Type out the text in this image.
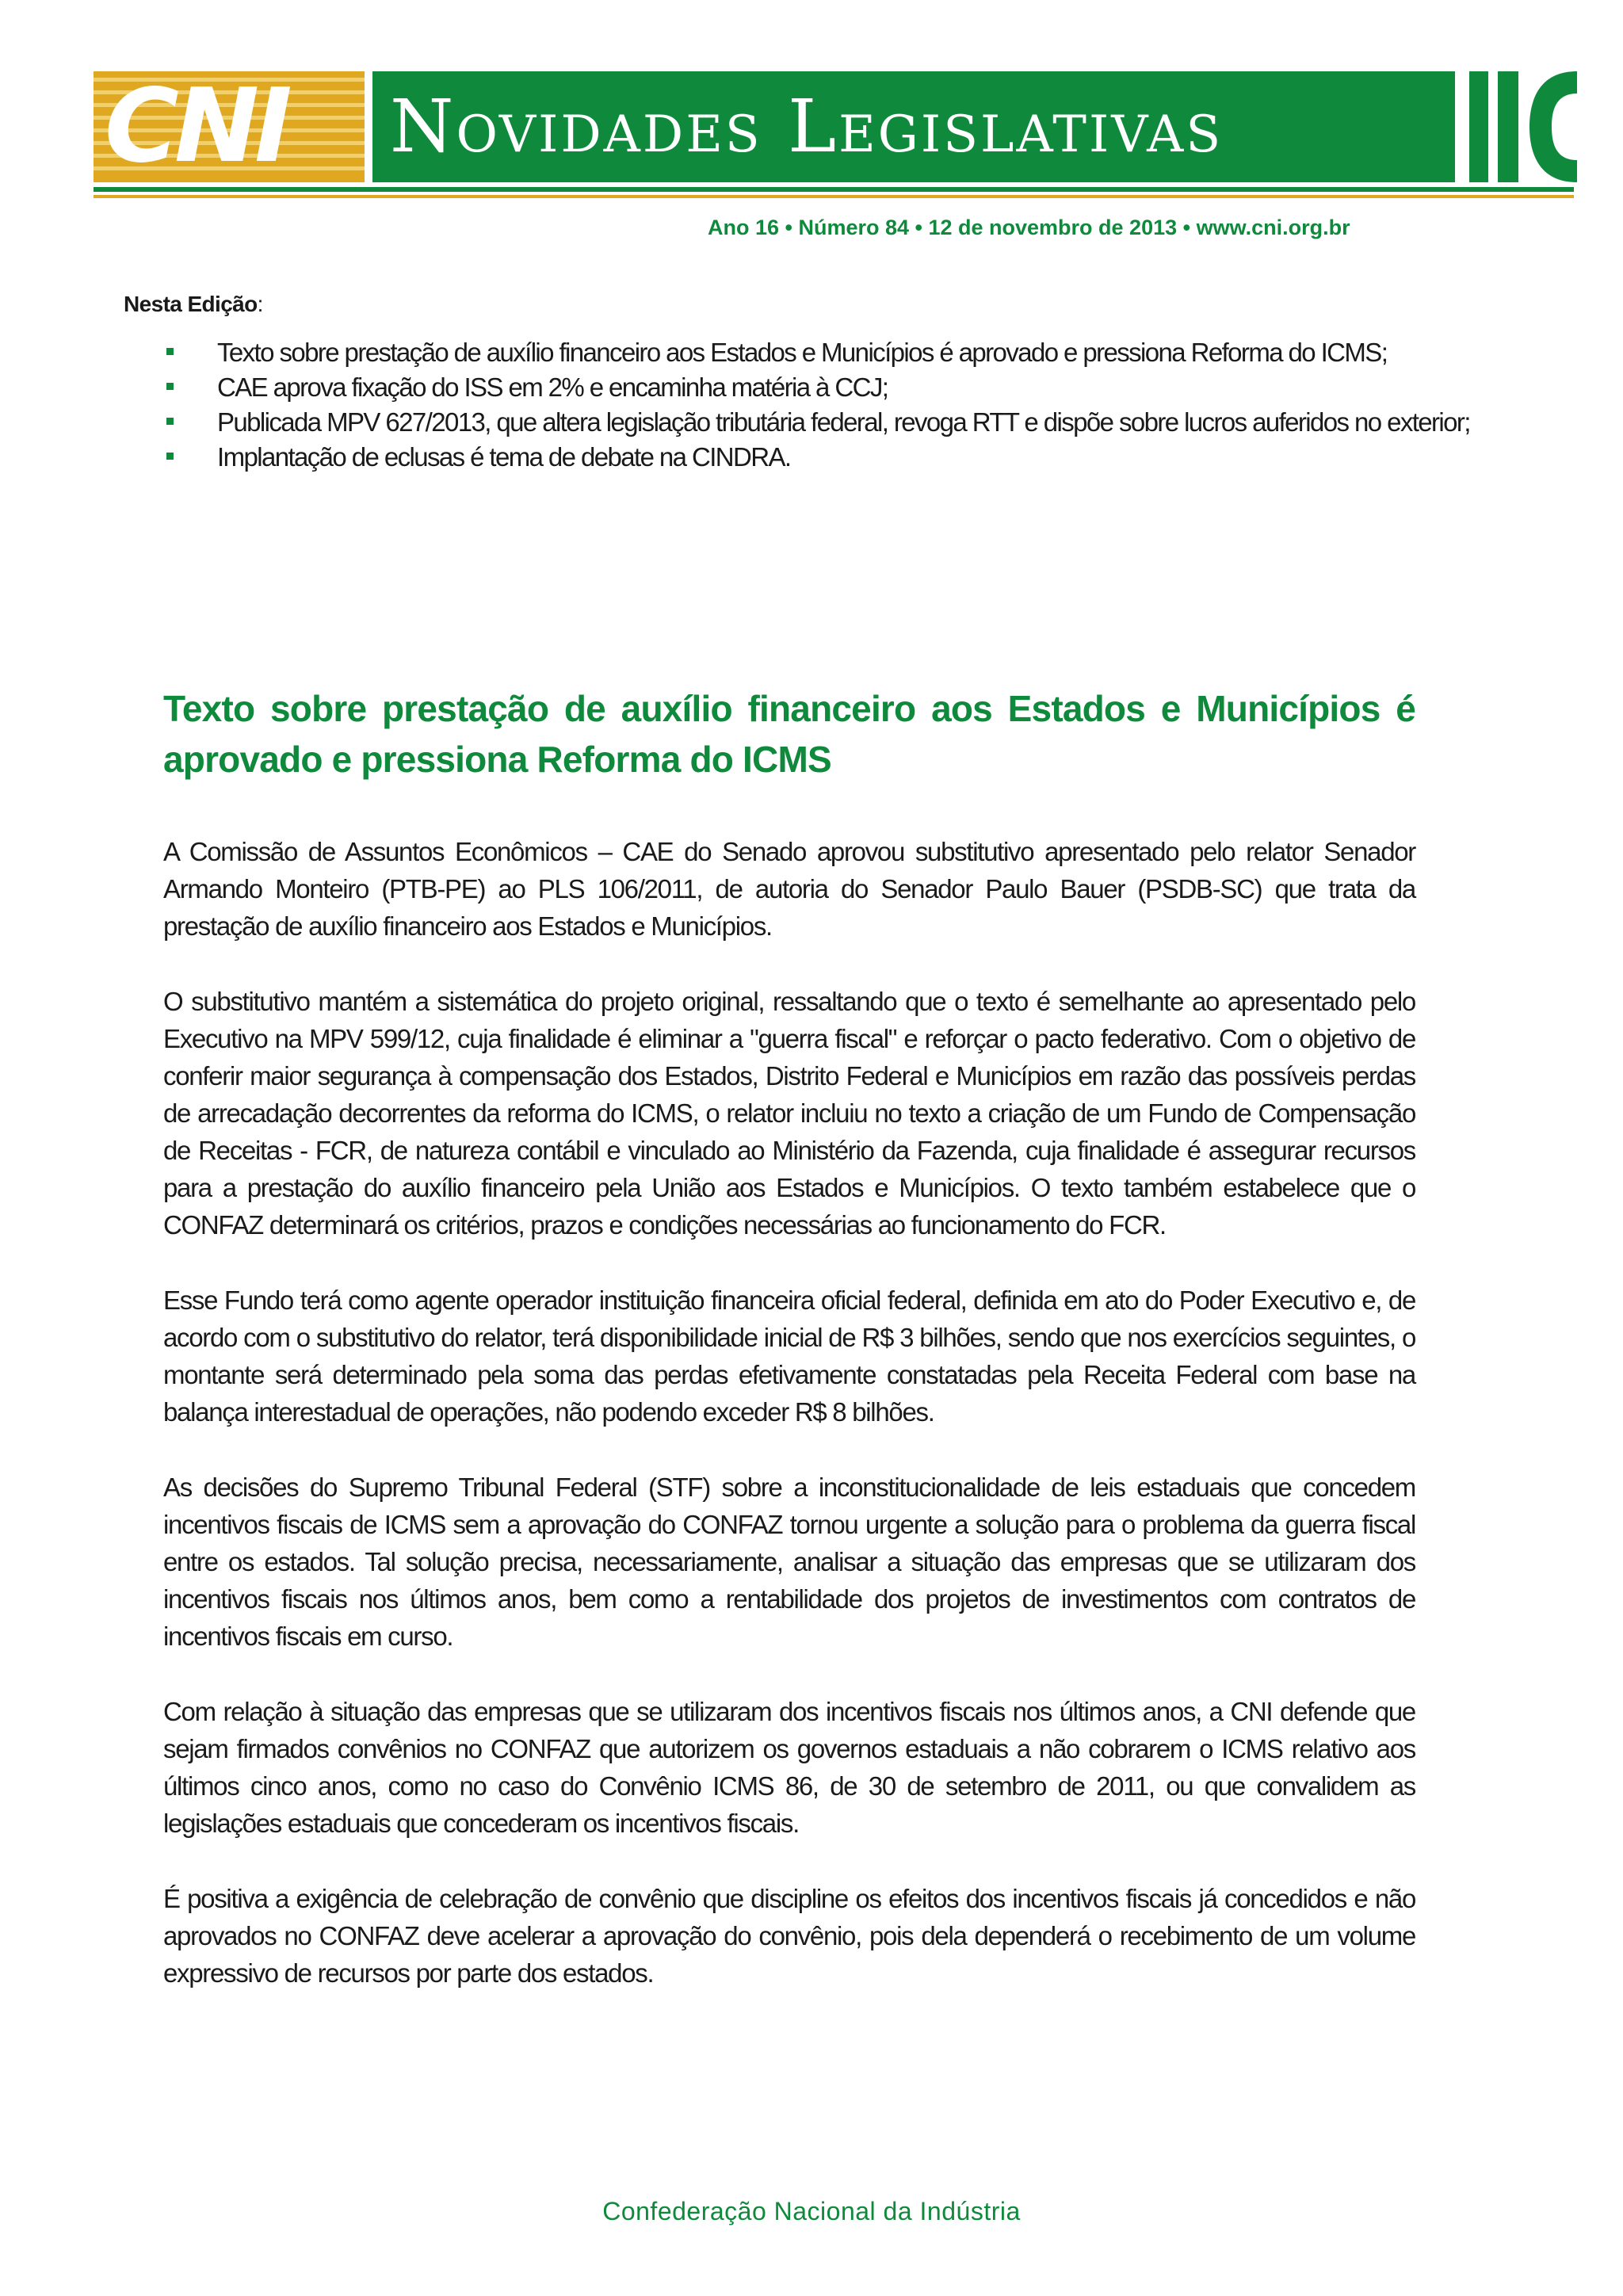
CNI Novidades Legislativas
Ano 16 • Número 84 • 12 de novembro de 2013 • www.cni.org.br
Nesta Edição:
Texto sobre prestação de auxílio financeiro aos Estados e Municípios é aprovado e pressiona Reforma do ICMS;
CAE aprova fixação do ISS em 2% e encaminha matéria à CCJ;
Publicada MPV 627/2013, que altera legislação tributária federal, revoga RTT e dispõe sobre lucros auferidos no exterior;
Implantação de eclusas é tema de debate na CINDRA.
Texto sobre prestação de auxílio financeiro aos Estados e Municípios é aprovado e pressiona Reforma do ICMS

A Comissão de Assuntos Econômicos – CAE do Senado aprovou substitutivo apresentado pelo relator Senador Armando Monteiro (PTB-PE) ao PLS 106/2011, de autoria do Senador Paulo Bauer (PSDB-SC) que trata da prestação de auxílio financeiro aos Estados e Municípios.

O substitutivo mantém a sistemática do projeto original, ressaltando que o texto é semelhante ao apresentado pelo Executivo na MPV 599/12, cuja finalidade é eliminar a "guerra fiscal" e reforçar o pacto federativo. Com o objetivo de conferir maior segurança à compensação dos Estados, Distrito Federal e Municípios em razão das possíveis perdas de arrecadação decorrentes da reforma do ICMS, o relator incluiu no texto a criação de um Fundo de Compensação de Receitas - FCR, de natureza contábil e vinculado ao Ministério da Fazenda, cuja finalidade é assegurar recursos para a prestação do auxílio financeiro pela União aos Estados e Municípios. O texto também estabelece que o CONFAZ determinará os critérios, prazos e condições necessárias ao funcionamento do FCR.

Esse Fundo terá como agente operador instituição financeira oficial federal, definida em ato do Poder Executivo e, de acordo com o substitutivo do relator, terá disponibilidade inicial de R$ 3 bilhões, sendo que nos exercícios seguintes, o montante será determinado pela soma das perdas efetivamente constatadas pela Receita Federal com base na balança interestadual de operações, não podendo exceder R$ 8 bilhões.

As decisões do Supremo Tribunal Federal (STF) sobre a inconstitucionalidade de leis estaduais que concedem incentivos fiscais de ICMS sem a aprovação do CONFAZ tornou urgente a solução para o problema da guerra fiscal entre os estados. Tal solução precisa, necessariamente, analisar a situação das empresas que se utilizaram dos incentivos fiscais nos últimos anos, bem como a rentabilidade dos projetos de investimentos com contratos de incentivos fiscais em curso.

Com relação à situação das empresas que se utilizaram dos incentivos fiscais nos últimos anos, a CNI defende que sejam firmados convênios no CONFAZ que autorizem os governos estaduais a não cobrarem o ICMS relativo aos últimos cinco anos, como no caso do Convênio ICMS 86, de 30 de setembro de 2011, ou que convalidem as legislações estaduais que concederam os incentivos fiscais.

É positiva a exigência de celebração de convênio que discipline os efeitos dos incentivos fiscais já concedidos e não aprovados no CONFAZ deve acelerar a aprovação do convênio, pois dela dependerá o recebimento de um volume expressivo de recursos por parte dos estados.

Confederação Nacional da Indústria
